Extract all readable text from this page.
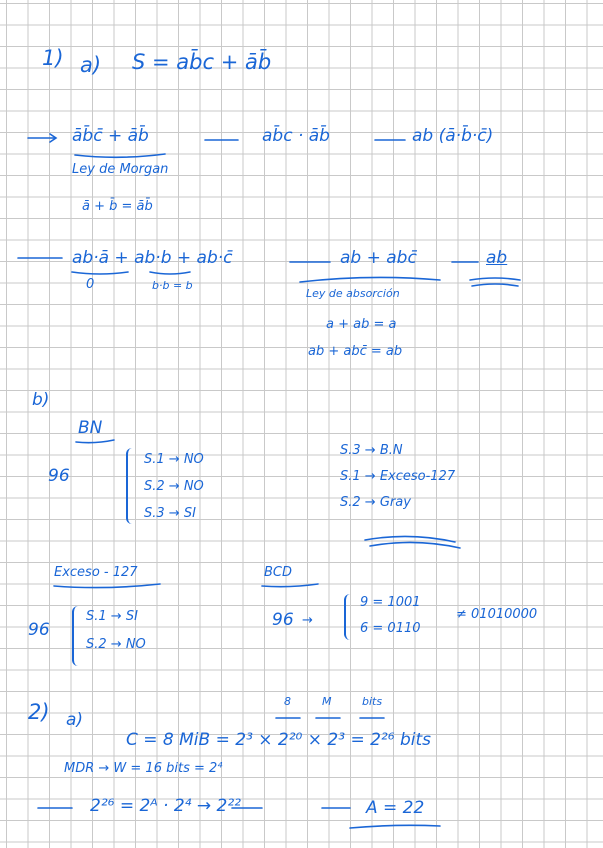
1) a) S = ab̄c + āb̄
āb̄c̄ + āb̄	ab̄c · āb̄	ab (ā·b̄·c̄)
Ley de Morgan
ā + b̄ = āb̄
ab·ā + ab·b + ab·c̄	ab + abc̄	ab
0	b·b = b
Ley de absorción
a + ab = a
ab + abc̄ = ab
b)
BN
96
S.1 → NO
S.2 → NO
S.3 → SI
S.3 → B.N
S.1 → Exceso-127
S.2 → Gray
Exceso - 127
96
S.1 → SI
S.2 → NO
BCD
96 →
9 = 1001
6 = 0110
≠ 01010000
2) a)
8	M	bits
C = 8 MiB = 2³ × 2²⁰ × 2³ = 2²⁶ bits
MDR → W = 16 bits = 2⁴
2²⁶ = 2ᴬ · 2⁴ → 2²²	A = 22
